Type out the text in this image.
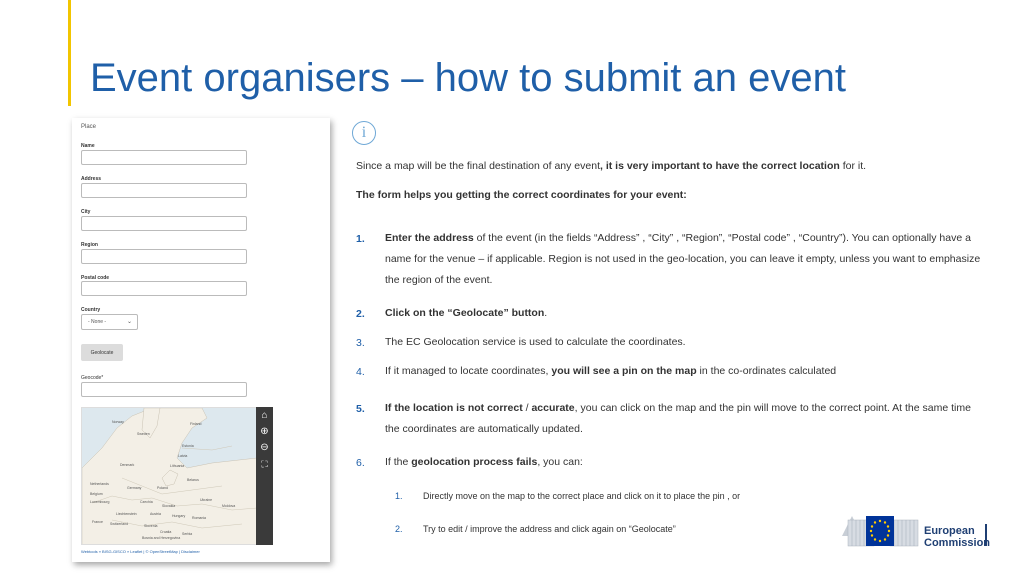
Event organisers – how to submit an event
Place
Name
Address
City
Region
Postal code
Country
- None -	⌄
Geolocate
Geocode*
Norway
Sweden
Finland
Estonia
Latvia
Lithuania
Belarus
Poland
Germany
Denmark
Netherlands
Belgium
Luxembourg	Czechia
Slovakia
Austria	Hungary
Ukraine
France Switzerland	Slovenia
Croatia
Romania
Moldova
Serbia
Bosnia and Herzegovina
Liechtenstein
⌂
⊕
⊖
⛶
Webtools » BISG-GISCO » Leaflet | © OpenStreetMap | Disclaimer
i
Since a map will be the final destination of any event, it is very important to have the correct location for it.
The form helps you getting the correct coordinates for your event:
1. Enter the address of the event (in the fields “Address” , “City” , “Region”, “Postal code” , “Country”). You can optionally have a name for the venue – if applicable. Region is not used in the geo-location, you can leave it empty, unless you want to emphasize the region of the event.
2. Click on the “Geolocate” button.
3. The EC Geolocation service is used to calculate the coordinates.
4. If it managed to locate coordinates, you will see a pin on the map in the co-ordinates calculated
5. If the location is not correct / accurate, you can click on the map and the pin will move to the correct point. At the same time the coordinates are automatically updated.
6. If the geolocation process fails, you can:
1. Directly move on the map to the correct place and click on it to place the pin , or
2. Try to edit / improve the address and click again on “Geolocate”	European
Commission
